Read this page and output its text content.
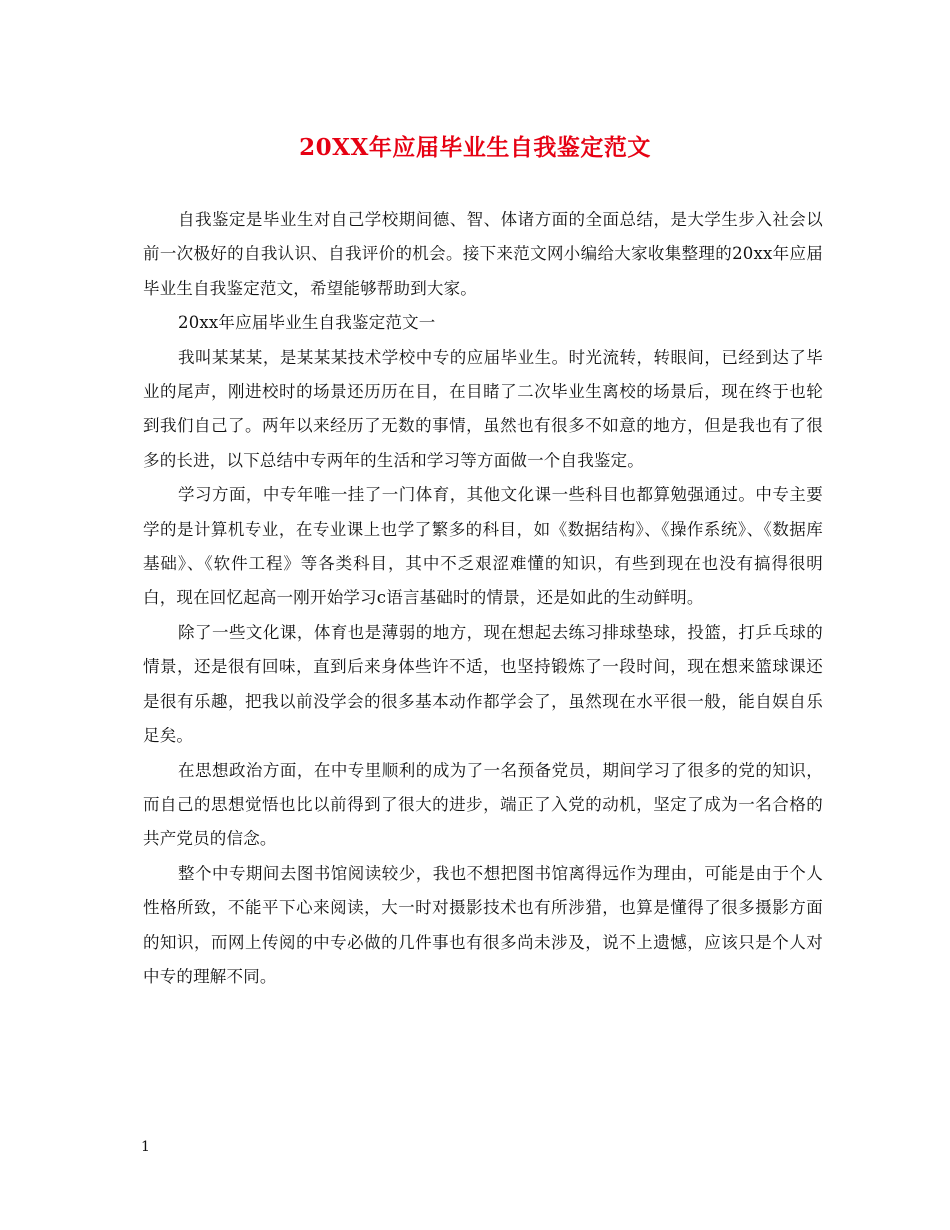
20XX年应届毕业生自我鉴定范文

自我鉴定是毕业生对自己学校期间德、智、体诸方面的全面总结，是大学生步入社会以前一次极好的自我认识、自我评价的机会。接下来范文网小编给大家收集整理的20xx年应届毕业生自我鉴定范文，希望能够帮助到大家。

20xx年应届毕业生自我鉴定范文一

我叫某某某，是某某某技术学校中专的应届毕业生。时光流转，转眼间，已经到达了毕业的尾声，刚进校时的场景还历历在目，在目睹了二次毕业生离校的场景后，现在终于也轮到我们自己了。两年以来经历了无数的事情，虽然也有很多不如意的地方，但是我也有了很多的长进，以下总结中专两年的生活和学习等方面做一个自我鉴定。

学习方面，中专年唯一挂了一门体育，其他文化课一些科目也都算勉强通过。中专主要学的是计算机专业，在专业课上也学了繁多的科目，如《数据结构》、《操作系统》、《数据库基础》、《软件工程》等各类科目，其中不乏艰涩难懂的知识，有些到现在也没有搞得很明白，现在回忆起高一刚开始学习c语言基础时的情景，还是如此的生动鲜明。

除了一些文化课，体育也是薄弱的地方，现在想起去练习排球垫球，投篮，打乒乓球的情景，还是很有回味，直到后来身体些许不适，也坚持锻炼了一段时间，现在想来篮球课还是很有乐趣，把我以前没学会的很多基本动作都学会了，虽然现在水平很一般，能自娱自乐足矣。

在思想政治方面，在中专里顺利的成为了一名预备党员，期间学习了很多的党的知识，而自己的思想觉悟也比以前得到了很大的进步，端正了入党的动机，坚定了成为一名合格的共产党员的信念。

整个中专期间去图书馆阅读较少，我也不想把图书馆离得远作为理由，可能是由于个人性格所致，不能平下心来阅读，大一时对摄影技术也有所涉猎，也算是懂得了很多摄影方面的知识，而网上传阅的中专必做的几件事也有很多尚未涉及，说不上遗憾，应该只是个人对中专的理解不同。

1
